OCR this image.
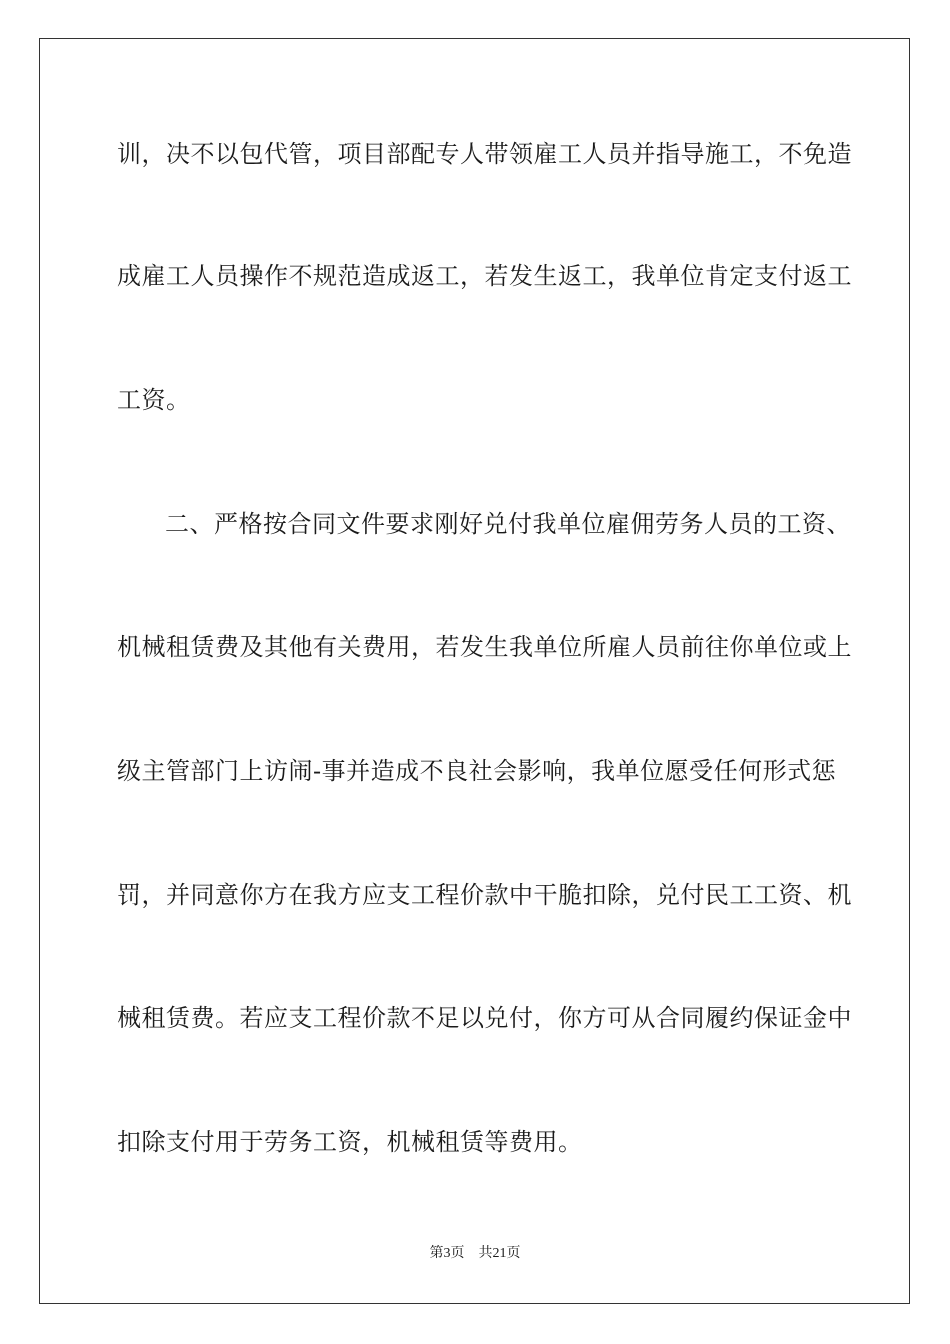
训，决不以包代管，项目部配专人带领雇工人员并指导施工，不免造
成雇工人员操作不规范造成返工，若发生返工，我单位肯定支付返工
工资。
二、严格按合同文件要求刚好兑付我单位雇佣劳务人员的工资、
机械租赁费及其他有关费用，若发生我单位所雇人员前往你单位或上
级主管部门上访闹-事并造成不良社会影响，我单位愿受任何形式惩
罚，并同意你方在我方应支工程价款中干脆扣除，兑付民工工资、机
械租赁费。若应支工程价款不足以兑付，你方可从合同履约保证金中
扣除支付用于劳务工资，机械租赁等费用。
第3页 共21页
